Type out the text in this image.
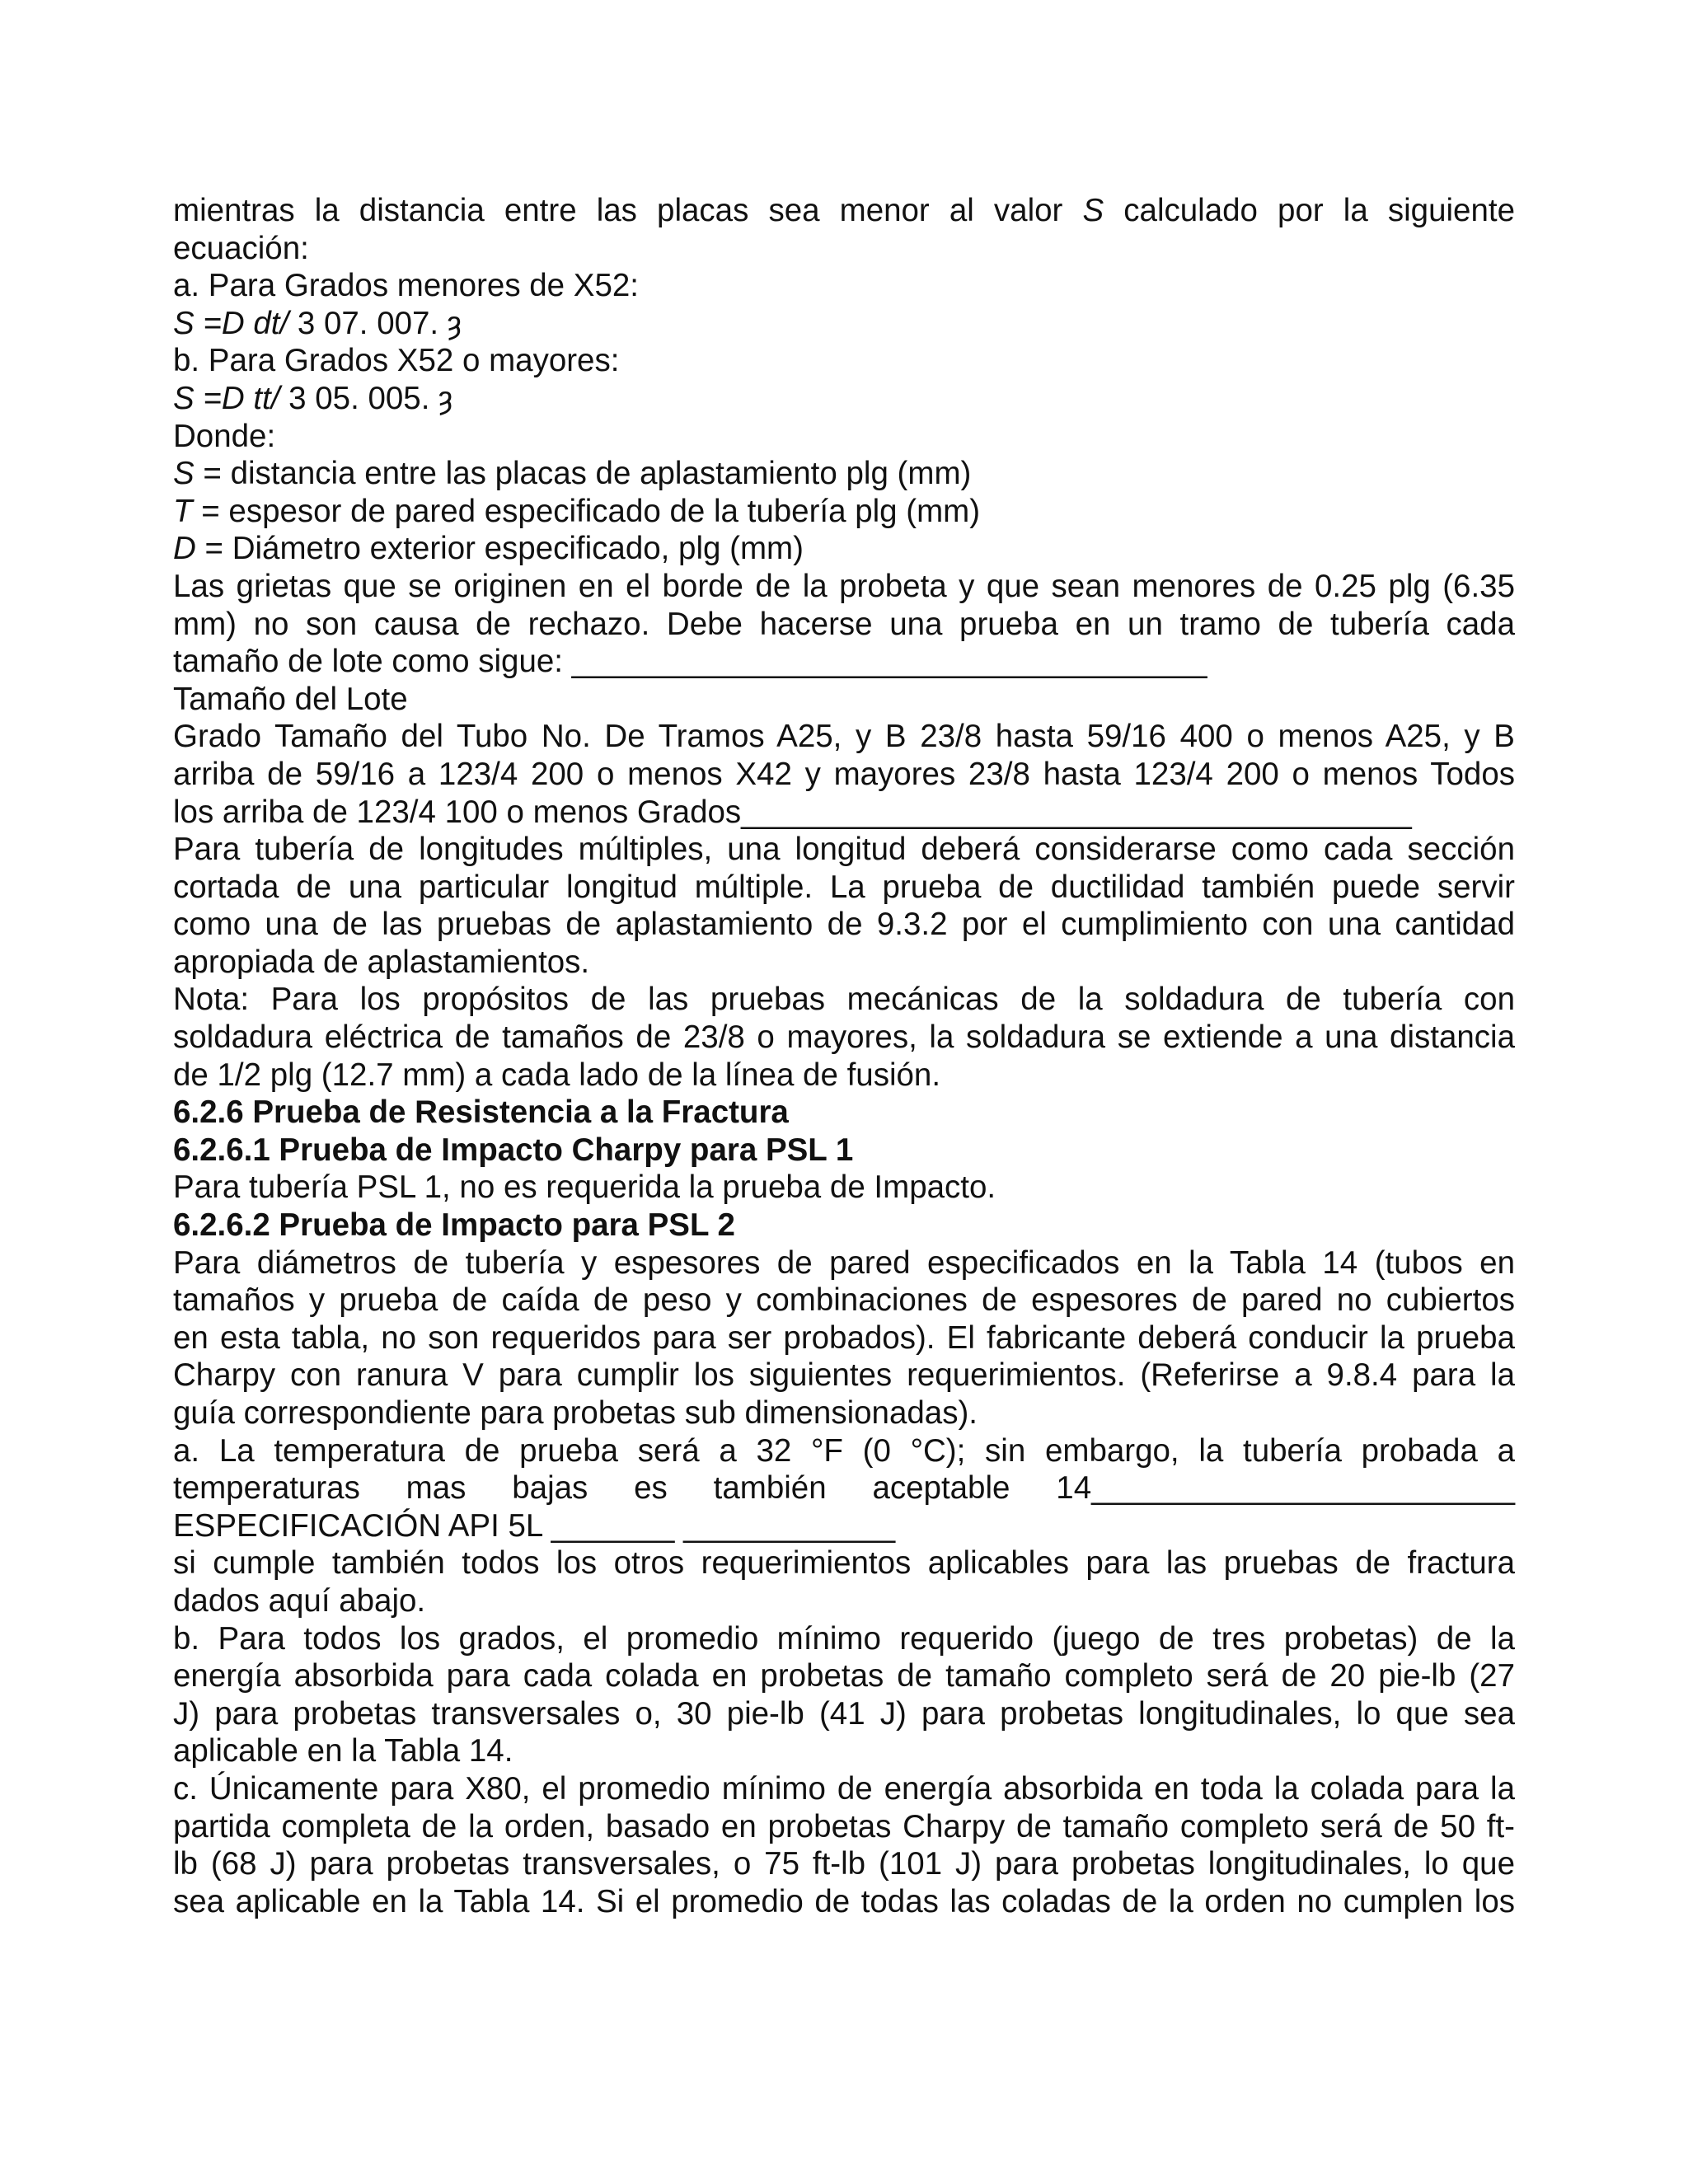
mientras la distancia entre las placas sea menor al valor S calculado por la siguiente
ecuación:
a. Para Grados menores de X52:
S =D dt/ 3 07. 007. ȝ
b. Para Grados X52 o mayores:
S =D tt/ 3 05. 005. ȝ
Donde:
S = distancia entre las placas de aplastamiento plg (mm)
T = espesor de pared especificado de la tubería plg (mm)
D = Diámetro exterior especificado, plg (mm)
Las grietas que se originen en el borde de la probeta y que sean menores de 0.25 plg (6.35
mm) no son causa de rechazo. Debe hacerse una prueba en un tramo de tubería cada
tamaño de lote como sigue: ____________________________________
Tamaño del Lote
Grado Tamaño del Tubo No. De Tramos A25, y B 23/8 hasta 59/16 400 o menos A25, y B
arriba de 59/16 a 123/4 200 o menos X42 y mayores 23/8 hasta 123/4 200 o menos Todos
los arriba de 123/4 100 o menos Grados______________________________________
Para tubería de longitudes múltiples, una longitud deberá considerarse como cada sección
cortada de una particular longitud múltiple. La prueba de ductilidad también puede servir
como una de las pruebas de aplastamiento de 9.3.2 por el cumplimiento con una cantidad
apropiada de aplastamientos.
Nota: Para los propósitos de las pruebas mecánicas de la soldadura de tubería con
soldadura eléctrica de tamaños de 23/8 o mayores, la soldadura se extiende a una distancia
de 1/2 plg (12.7 mm) a cada lado de la línea de fusión.
6.2.6 Prueba de Resistencia a la Fractura
6.2.6.1 Prueba de Impacto Charpy para PSL 1
Para tubería PSL 1, no es requerida la prueba de Impacto.
6.2.6.2 Prueba de Impacto para PSL 2
Para diámetros de tubería y espesores de pared especificados en la Tabla 14 (tubos en
tamaños y prueba de caída de peso y combinaciones de espesores de pared no cubiertos
en esta tabla, no son requeridos para ser probados). El fabricante deberá conducir la prueba
Charpy con ranura V para cumplir los siguientes requerimientos. (Referirse a 9.8.4 para la
guía correspondiente para probetas sub dimensionadas).
a. La temperatura de prueba será a 32 °F (0 °C); sin embargo, la tubería probada a
temperaturas mas bajas es también aceptable 14________________________
ESPECIFICACIÓN API 5L _______ ____________
si cumple también todos los otros requerimientos aplicables para las pruebas de fractura
dados aquí abajo.
b. Para todos los grados, el promedio mínimo requerido (juego de tres probetas) de la
energía absorbida para cada colada en probetas de tamaño completo será de 20 pie-lb (27
J) para probetas transversales o, 30 pie-lb (41 J) para probetas longitudinales, lo que sea
aplicable en la Tabla 14.
c. Únicamente para X80, el promedio mínimo de energía absorbida en toda la colada para la
partida completa de la orden, basado en probetas Charpy de tamaño completo será de 50 ft-
lb (68 J) para probetas transversales, o 75 ft-lb (101 J) para probetas longitudinales, lo que
sea aplicable en la Tabla 14. Si el promedio de todas las coladas de la orden no cumplen los
